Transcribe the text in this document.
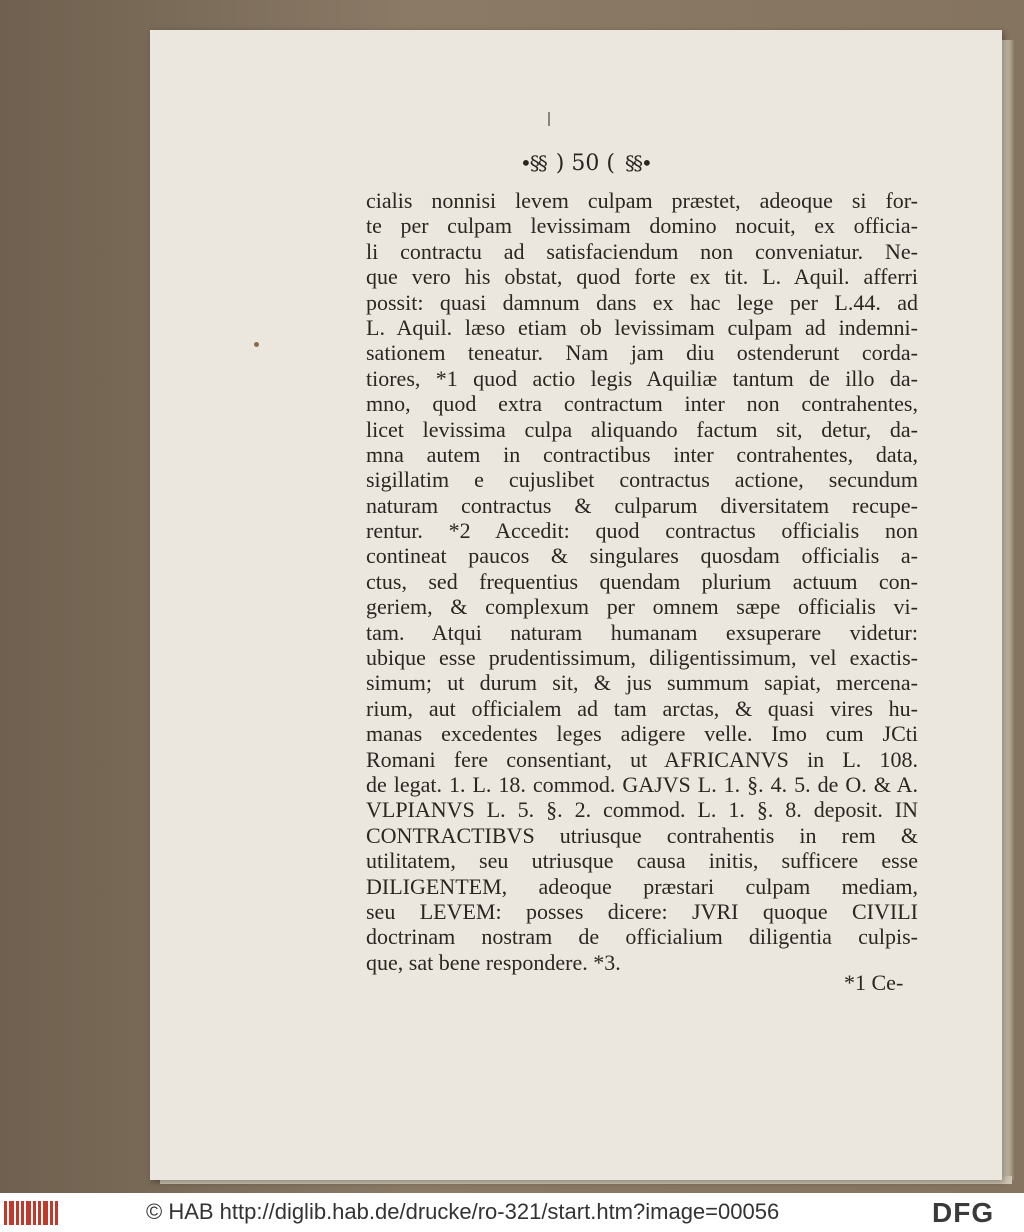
•§§ ) 50 ( §§•
cialis nonnisi levem culpam præstet, adeoque si for-
te per culpam levissimam domino nocuit, ex officia-
li contractu ad satisfaciendum non conveniatur. Ne-
que vero his obstat, quod forte ex tit. L. Aquil. afferri
possit: quasi damnum dans ex hac lege per L.44. ad
L. Aquil. læso etiam ob levissimam culpam ad indemni-
sationem teneatur. Nam jam diu ostenderunt corda-
tiores, *1 quod actio legis Aquiliæ tantum de illo da-
mno, quod extra contractum inter non contrahentes,
licet levissima culpa aliquando factum sit, detur, da-
mna autem in contractibus inter contrahentes, data,
sigillatim e cujuslibet contractus actione, secundum
naturam contractus & culparum diversitatem recupe-
rentur. *2 Accedit: quod contractus officialis non
contineat paucos & singulares quosdam officialis a-
ctus, sed frequentius quendam plurium actuum con-
geriem, & complexum per omnem sæpe officialis vi-
tam. Atqui naturam humanam exsuperare videtur:
ubique esse prudentissimum, diligentissimum, vel exactis-
simum; ut durum sit, & jus summum sapiat, mercena-
rium, aut officialem ad tam arctas, & quasi vires hu-
manas excedentes leges adigere velle. Imo cum JCti
Romani fere consentiant, ut AFRICANVS in L. 108.
de legat. 1. L. 18. commod. GAJVS L. 1. §. 4. 5. de O. & A.
VLPIANVS L. 5. §. 2. commod. L. 1. §. 8. deposit. IN
CONTRACTIBVS utriusque contrahentis in rem &
utilitatem, seu utriusque causa initis, sufficere esse
DILIGENTEM, adeoque præstari culpam mediam,
seu LEVEM: posses dicere: JVRI quoque CIVILI
doctrinam nostram de officialium diligentia culpis-
que, sat bene respondere. *3.
*1 Ce-
© HAB http://diglib.hab.de/drucke/ro-321/start.htm?image=00056	DFG
